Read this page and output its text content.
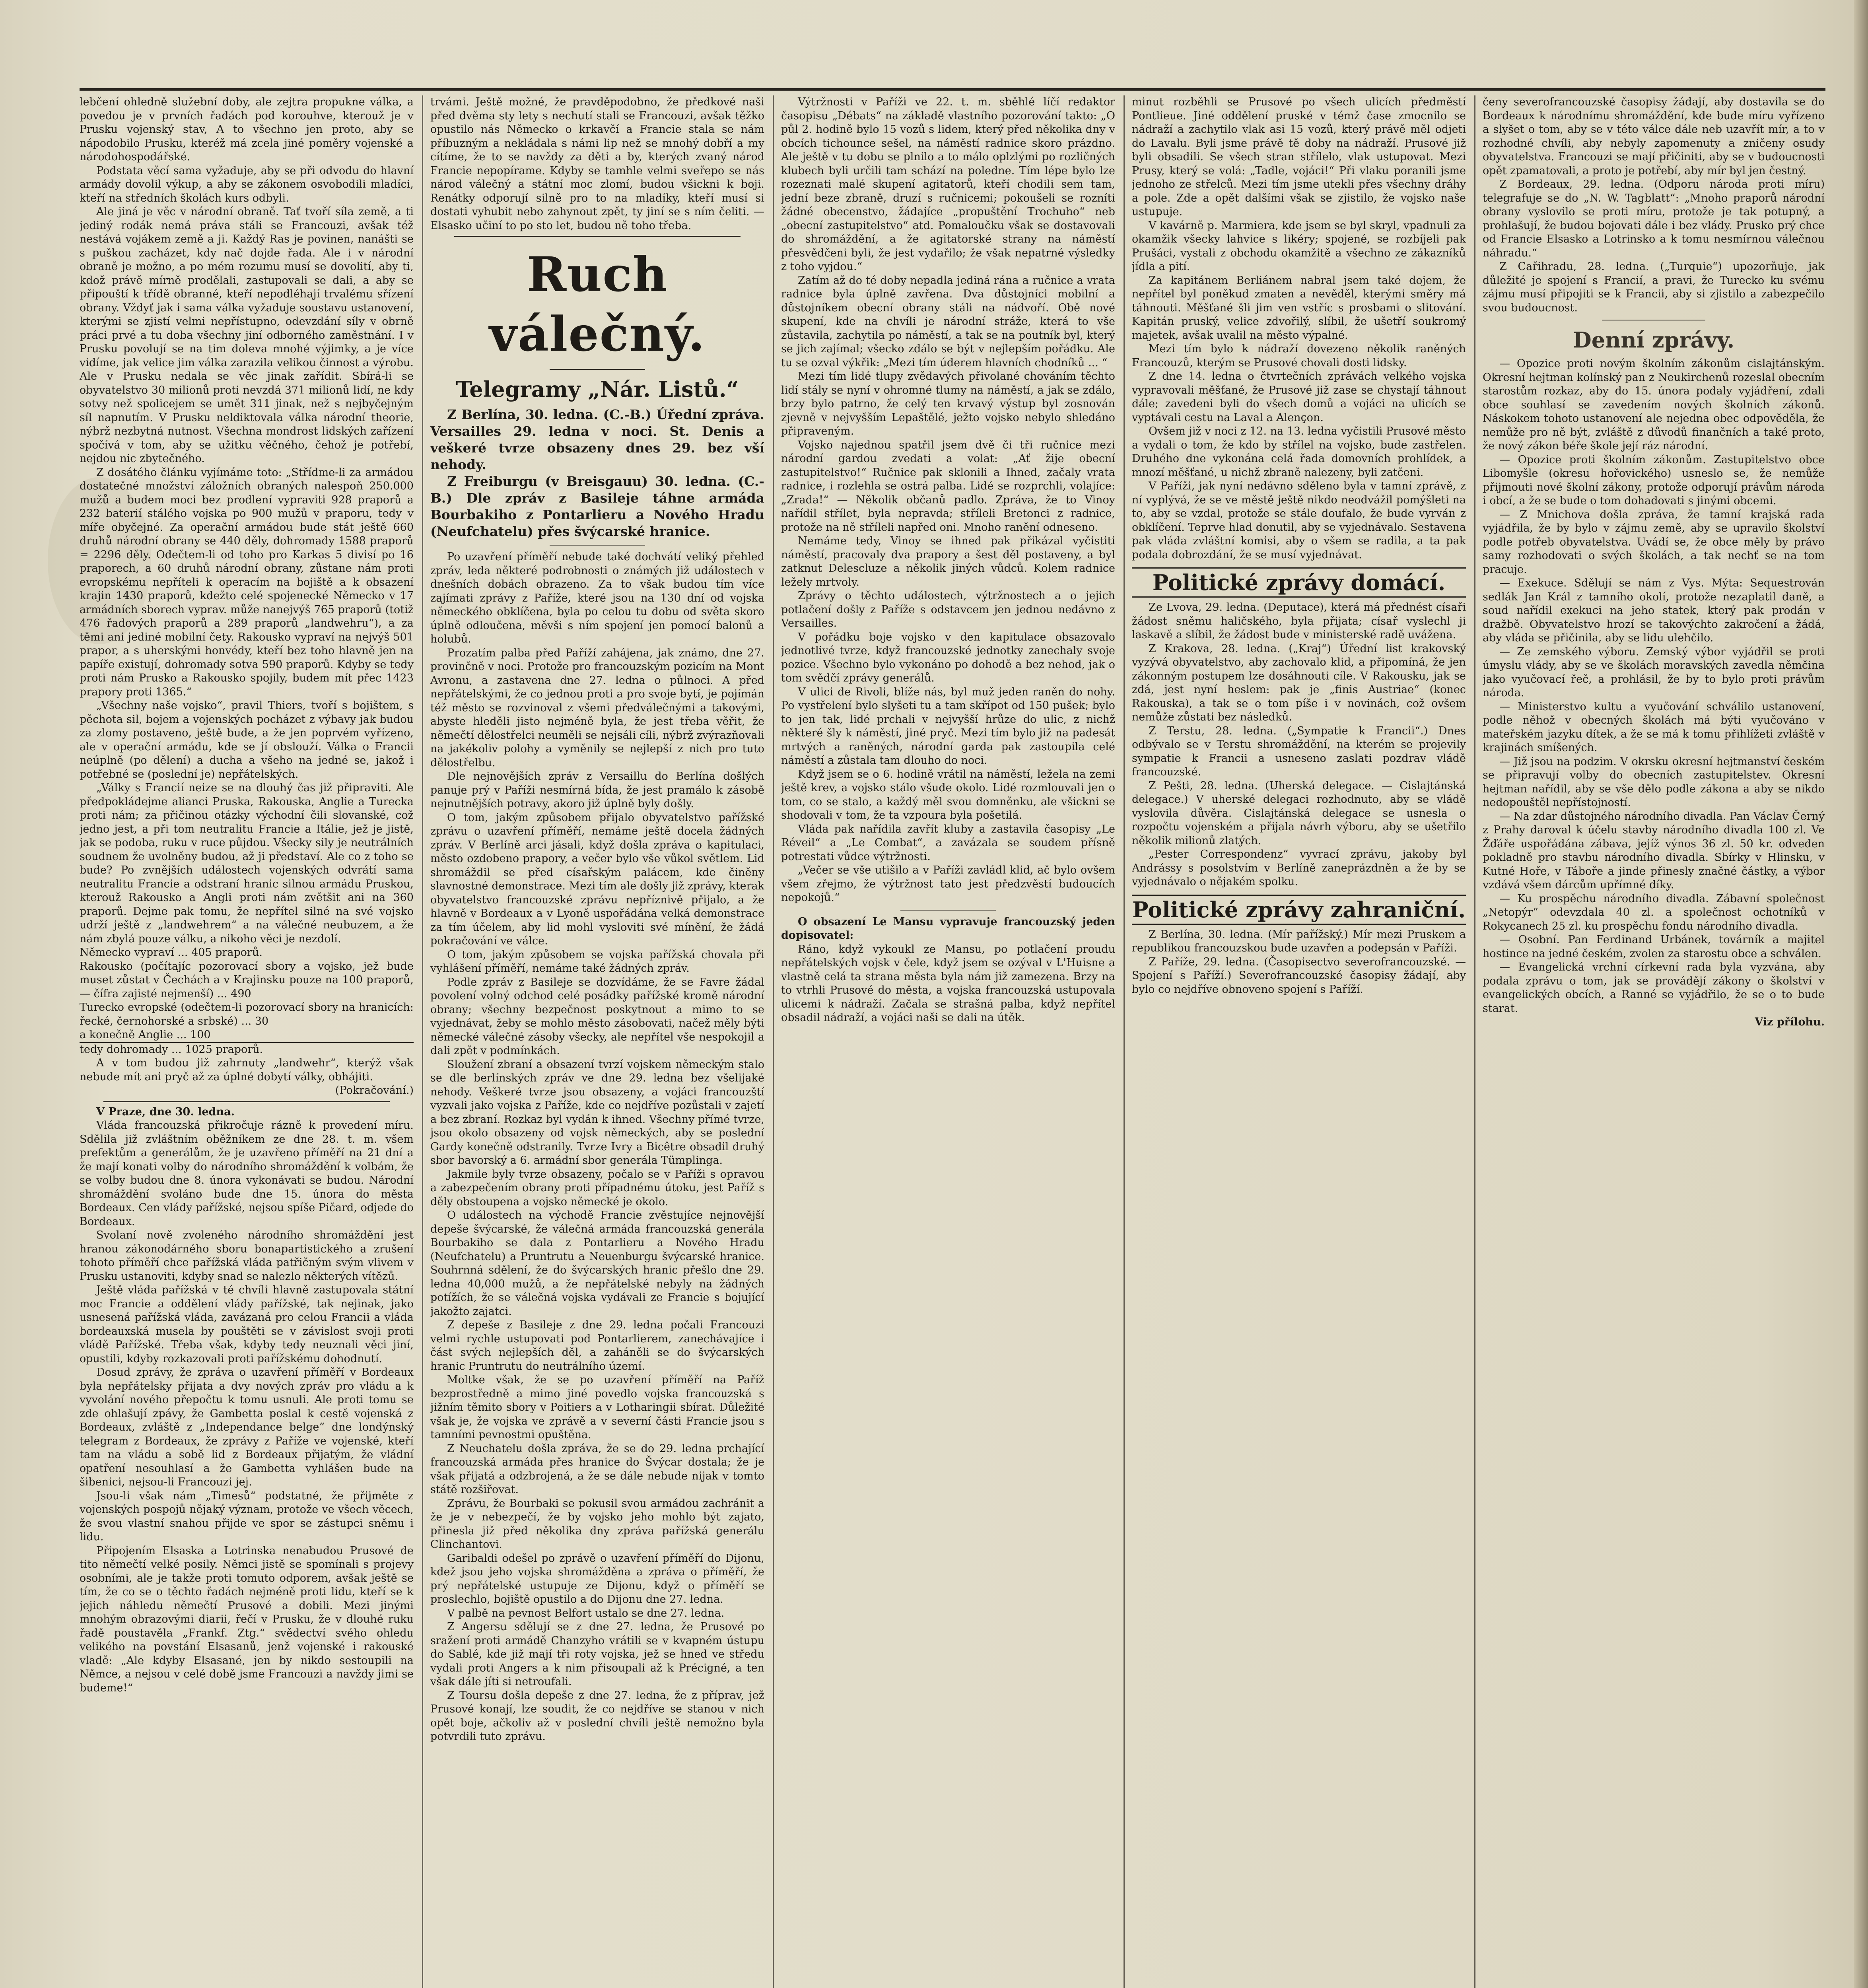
lebčení ohledně služební doby, ale zejtra propukne válka, a povedou je v prvních řadách pod korouhve, kterouž je v Prusku vojenský stav, A to všechno jen proto, aby se nápodobilo Prusku, kteréž má zcela jiné poměry vojenské a národohospodářské.

Podstata věcí sama vyžaduje, aby se při odvodu do hlavní armády dovolil výkup, a aby se zákonem osvobodili mladíci, kteří na středních školách kurs odbyli.

Ale jiná je věc v národní obraně. Tať tvoří síla země, a ti jediný rodák nemá práva stáli se Francouzi, avšak též nestává vojákem země a ji. Každý Ras je povinen, nanášti se s puškou zacházet, kdy nač dojde řada. Ale i v národní obraně je možno, a po mém rozumu musí se dovolití, aby ti, kdož právě mírně prodělali, zastupovali se dali, a aby se připouští k třídě obranné, kteří nepodléhají trvalému sřízení obrany. Vždyť jak i sama válka vyžaduje soustavu ustanovení, kterými se zjistí velmi nepřístupno, odevzdání síly v obrně práci prvé a tu doba všechny jiní odborného zaměstnání. I v Prusku povolují se na tim doleva mnohé výjimky, a je více vidíme, jak velice jim válka zarazila velikou činnost a výrobu. Ale v Prusku nedala se věc jinak zařídit. Sbírá-li se obyvatelstvo 30 milionů proti nevzdá 371 milionů lidí, ne kdy sotvy než spolicejem se umět 311 jinak, než s nejbyčejným síl napnutím. V Prusku neldiktovala válka národní theorie, nýbrž nezbytná nutnost. Všechna mondrost lidských zařízení spočívá v tom, aby se užitku věčného, čehož je potřebí, nejdou nic zbytečného.

Z dosátého článku vyjímáme toto: „Střídme-li za armádou dostatečné množství záložních obraných nalespoň 250.000 mužů a budem moci bez prodlení vypraviti 928 praporů a 232 baterií stálého vojska po 900 mužů v praporu, tedy v míře obyčejné. Za operační armádou bude stát ještě 660 druhů národní obrany se 440 děly, dohromady 1588 praporů = 2296 děly. Odečtem-li od toho pro Karkas 5 divisí po 16 praporech, a 60 druhů národní obrany, zůstane nám proti evropskému nepříteli k operacím na bojiště a k obsazení krajin 1430 praporů, kdežto celé spojenecké Německo v 17 armádních sborech vyprav. může nanejvýš 765 praporů (totiž 476 řadových praporů a 289 praporů „landwehru“), a za těmi ani jediné mobilní čety. Rakousko vypraví na nejvýš 501 prapor, a s uherskými honvédy, kteří bez toho hlavně jen na papíře existují, dohromady sotva 590 praporů. Kdyby se tedy proti nám Prusko a Rakousko spojily, budem mít přec 1423 prapory proti 1365.“

„Všechny naše vojsko“, pravil Thiers, tvoří s bojištem, s pěchota sil, bojem a vojenských pocházet z výbavy jak budou za zlomy postaveno, ještě bude, a že jen poprvém vyřízeno, ale v operační armádu, kde se jí obslouží. Válka o Francii neúplně (po dělení) a ducha a všeho na jedné se, jakož i potřebné se (poslední je) nepřátelských.

„Války s Francií neize se na dlouhý čas již připraviti. Ale předpokládejme alianci Pruska, Rakouska, Anglie a Turecka proti nám; za přičinou otázky východní čili slovanské, což jedno jest, a při tom neutralitu Francie a Itálie, jež je jistě, jak se podoba, ruku v ruce půjdou. Všecky sily je neutrálních soudnem že uvolněny budou, až ji představí. Ale co z toho se bude? Po zvnějších událostech vojenských odvrátí sama neutralitu Francie a odstraní hranic silnou armádu Pruskou, kterouž Rakousko a Angli proti nám zvětšit ani na 360 praporů. Dejme pak tomu, že nepřítel silné na své vojsko udrží ještě z „landwehrem“ a na válečné neubuzem, a že nám zbylá pouze válku, a nikoho věci je nezdolí.

Německo vypraví ... 405 praporů.

Rakousko (počítajíc pozorovací sbory a vojsko, jež bude muset zůstat v Čechách a v Krajinsku pouze na 100 praporů, — čífra zajisté nejmenší) ... 490

Turecko evropské (odečtem-li pozorovací sbory na hranicích: řecké, černohorské a srbské) ... 30

a konečně Anglie ... 100

tedy dohromady ... 1025 praporů.

A v tom budou již zahrnuty „landwehr“, kterýž však nebude mít ani pryč až za úplné dobytí války, obhájiti.

(Pokračování.)

V Praze, dne 30. ledna.

Vláda francouzská přikročuje rázně k provedení míru. Sdělila již zvláštním oběžníkem ze dne 28. t. m. všem prefektům a generálům, že je uzavřeno příměří na 21 dní a že mají konati volby do národního shromáždění k volbám, že se volby budou dne 8. února vykonávati se budou. Národní shromáždění svoláno bude dne 15. února do města Bordeaux. Cen vlády pařížské, nejsou spíše Pičard, odjede do Bordeaux.

Svolaní nově zvoleného národního shromáždění jest hranou zákonodárného sboru bonapartistického a zrušení tohoto příměří chce pařížská vláda patřičným svým vlivem v Prusku ustanoviti, kdyby snad se nalezlo některých vítězů.

Ještě vláda pařížská v té chvíli hlavně zastupovala státní moc Francie a oddělení vlády pařížské, tak nejinak, jako usnesená pařížská vláda, zavázaná pro celou Francii a vláda bordeauxská musela by pouštěti se v závislost svoji proti vládě Pařížské. Třeba však, kdyby tedy neuznali věci jiní, opustili, kdyby rozkazovali proti pařížskému dohodnutí.

Dosud zprávy, že zpráva o uzavření příměří v Bordeaux byla nepřátelsky přijata a dvy nových zpráv pro vládu a k vyvolání nového přepočtu k tomu usnuli. Ale proti tomu se zde ohlašují zpávy, že Gambetta poslal k cestě vojenská z Bordeaux, zvláště z „Independance belge“ dne londýnský telegram z Bordeaux, že zprávy z Paříže ve vojenské, kteří tam na vládu a sobě lid z Bordeaux přijatým, že vládní opatření nesouhlasí a že Gambetta vyhlášen bude na šibenici, nejsou-li Francouzi jej.

Jsou-li však nám „Timesů“ podstatné, že přijměte z vojenských pospojů nějaký význam, protože ve všech věcech, že svou vlastní snahou přijde ve spor se zástupci sněmu i lidu.

Připojením Elsaska a Lotrinska nenabudou Prusové de tito němečtí velké posily. Němci jistě se spomínali s projevy osobními, ale je takže proti tomuto odporem, avšak ještě se tím, že co se o těchto řadách nejméně proti lidu, kteří se k jejich náhledu němečtí Prusové a dobili. Mezi jinými mnohým obrazovými diarii, řečí v Prusku, že v dlouhé ruku řadě poustavěla „Frankf. Ztg.“ svědectví svého ohledu velikého na povstání Elsasanů, jenž vojenské i rakouské vladě: „Ale kdyby Elsasané, jen by nikdo sestoupili na Němce, a nejsou v celé době jsme Francouzi a navždy jimi se budeme!“

trvámi. Ještě možné, že pravděpodobno, že předkové naši před dvěma sty lety s nechutí stali se Francouzi, avšak těžko opustilo nás Německo o krkavčí a Francie stala se nám příbuzným a nekládala s námi lip než se mnohý dobří a my cítíme, že to se navždy za děti a by, kterých zvaný národ Francie nepopírame. Kdyby se tamhle velmi sveřepo se nás národ válečný a státní moc zlomí, budou všickni k boji. Renátky odporují silně pro to na mladíky, kteří musí si dostati vyhubit nebo zahynout zpět, ty jiní se s ním čeliti. — Elsasko učiní to po sto let, budou ně toho třeba.

Ruch válečný.
Telegramy „Nár. Listů.“

Z Berlína, 30. ledna. (C.-B.) Úřední zpráva. Versailles 29. ledna v noci. St. Denis a veškeré tvrze obsazeny dnes 29. bez vší nehody.

Z Freiburgu (v Breisgauu) 30. ledna. (C.-B.) Dle zpráv z Basileje táhne armáda Bourbakiho z Pontarlieru a Nového Hradu (Neufchatelu) přes švýcarské hranice.

Po uzavření příměří nebude také dochvátí veliký přehled zpráv, leda některé podrobnosti o známých již událostech v dnešních dobách obrazeno. Za to však budou tím více zajímati zprávy z Paříže, které jsou na 130 dní od vojska německého obklíčena, byla po celou tu dobu od světa skoro úplně odloučena, měvši s ním spojení jen pomocí balonů a holubů.

Prozatím palba před Paříží zahájena, jak známo, dne 27. provinčně v noci. Protože pro francouzským pozicím na Mont Avronu, a zastavena dne 27. ledna o půlnoci. A před nepřátelskými, že co jednou proti a pro svoje bytí, je pojímán též město se rozvinoval z všemi předválečnými a takovými, abyste hleděli jisto nejméně byla, že jest třeba věřit, že němečtí dělostřelci neuměli se nejsáli cíli, nýbrž zvýrazňovali na jakékoliv polohy a vyměnily se nejlepší z nich pro tuto dělostřelbu.

Dle nejnovějších zpráv z Versaillu do Berlína došlých panuje prý v Paříži nesmírná bída, že jest pramálo k zásobě nejnutnějších potravy, akoro již úplně byly došly.

O tom, jakým způsobem přijalo obyvatelstvo pařížské zprávu o uzavření příměří, nemáme ještě docela žádných zpráv. V Berlíně arci jásali, když došla zpráva o kapitulaci, město ozdobeno prapory, a večer bylo vše vůkol světlem. Lid shromáždil se před císařským palácem, kde činěny slavnostné demonstrace. Mezi tím ale došly již zprávy, kterak obyvatelstvo francouzské zprávu nepříznivě přijalo, a že hlavně v Bordeaux a v Lyoně uspořádána velká demonstrace za tím účelem, aby lid mohl vysloviti své mínění, že žádá pokračování ve válce.

O tom, jakým způsobem se vojska pařížská chovala při vyhlášení příměří, nemáme také žádných zpráv.

Podle zpráv z Basileje se dozvídáme, že se Favre žádal povolení volný odchod celé posádky pařížské kromě národní obrany; všechny bezpečnost poskytnout a mimo to se vyjednávat, žeby se mohlo město zásobovati, načež měly býti německé válečné zásoby všecky, ale nepřítel vše nespokojil a dali zpět v podmínkách.

Sloužení zbraní a obsazení tvrzí vojskem německým stalo se dle berlínských zpráv ve dne 29. ledna bez všelijaké nehody. Veškeré tvrze jsou obsazeny, a vojáci francouzští vyzvali jako vojska z Paříže, kde co nejdříve pozůstali v zajetí a bez zbraní. Rozkaz byl vydán k ihned. Všechny přímé tvrze, jsou okolo obsazeny od vojsk německých, aby se poslední Gardy konečně odstranily. Tvrze Ivry a Bicêtre obsadil druhý sbor bavorský a 6. armádní sbor generála Tümplinga.

Jakmile byly tvrze obsazeny, počalo se v Paříži s opravou a zabezpečením obrany proti případnému útoku, jest Paříž s děly obstoupena a vojsko německé je okolo.

O událostech na východě Francie zvěstujíce nejnovější depeše švýcarské, že válečná armáda francouzská generála Bourbakiho se dala z Pontarlieru a Nového Hradu (Neufchatelu) a Pruntrutu a Neuenburgu švýcarské hranice. Souhrnná sdělení, že do švýcarských hranic přešlo dne 29. ledna 40,000 mužů, a že nepřátelské nebyly na žádných potížích, že se válečná vojska vydávali ze Francie s bojující jakožto zajatci.

Z depeše z Basileje z dne 29. ledna počali Francouzi velmi rychle ustupovati pod Pontarlierem, zanechávajíce i část svých nejlepších děl, a zaháněli se do švýcarských hranic Pruntrutu do neutrálního území.

Moltke však, že se po uzavření příměří na Paříž bezprostředně a mimo jiné povedlo vojska francouzská s jižním těmito sbory v Poitiers a v Lotharingii sbírat. Důležité však je, že vojska ve zprávě a v severní části Francie jsou s tamními pevnostmi opuštěna.

Z Neuchatelu došla zpráva, že se do 29. ledna prchající francouzská armáda přes hranice do Švýcar dostala; že je však přijatá a odzbrojená, a že se dále nebude nijak v tomto státě rozšiřovat.

Zprávu, že Bourbaki se pokusil svou armádou zachránit a že je v nebezpečí, že by vojsko jeho mohlo být zajato, přinesla již před několika dny zpráva pařížská generálu Clinchantovi.

Garibaldi odešel po zprávě o uzavření příměří do Dijonu, kdež jsou jeho vojska shromážděna a zpráva o příměří, že prý nepřátelské ustupuje ze Dijonu, když o příměří se proslechlo, bojiště opustilo a do Dijonu dne 27. ledna.

V palbě na pevnost Belfort ustalo se dne 27. ledna.

Z Angersu sdělují se z dne 27. ledna, že Prusové po sražení proti armádě Chanzyho vrátili se v kvapném ústupu do Sablé, kde již mají tři roty vojska, jež se hned ve středu vydali proti Angers a k nim přisoupali až k Précigné, a ten však dále jíti si netroufali.

Z Toursu došla depeše z dne 27. ledna, že z příprav, jež Prusové konají, lze soudit, že co nejdříve se stanou v nich opět boje, ačkoliv až v poslední chvíli ještě nemožno byla potvrdili tuto zprávu.

Výtržnosti v Paříži ve 22. t. m. sběhlé líčí redaktor časopisu „Débats“ na základě vlastního pozorování takto: „O půl 2. hodině bylo 15 vozů s lidem, který před několika dny v obcích tichounce sešel, na náměstí radnice skoro prázdno. Ale ještě v tu dobu se plnilo a to málo oplzlými po rozličných klubech byli určili tam schází na poledne. Tím lépe bylo lze rozeznati malé skupení agitatorů, kteří chodili sem tam, jední beze zbraně, druzí s ručnicemi; pokoušeli se rozníti žádné obecenstvo, žádajíce „propuštění Trochuho“ neb „obecní zastupitelstvo“ atd. Pomaloučku však se dostavovali do shromáždění, a že agitatorské strany na náměstí přesvědčeni byli, že jest vydařilo; že však nepatrné výsledky z toho vyjdou.“

Zatím až do té doby nepadla jediná rána a ručnice a vrata radnice byla úplně zavřena. Dva důstojníci mobilní a důstojníkem obecní obrany stáli na nádvoří. Obě nové skupení, kde na chvíli je národní stráže, která to vše zůstavila, zachytila po náměstí, a tak se na poutník byl, který se jich zajímal; všecko zdálo se být v nejlepším pořádku. Ale tu se ozval výkřik: „Mezi tím úderem hlavních chodníků ... “

Mezi tím lidé tlupy zvědavých přivolané chováním těchto lidí stály se nyní v ohromné tlumy na náměstí, a jak se zdálo, brzy bylo patrno, že celý ten krvavý výstup byl zosnován zjevně v nejvyšším Lepaštělé, ježto vojsko nebylo shledáno připraveným.

Vojsko najednou spatřil jsem dvě či tři ručnice mezi národní gardou zvedati a volat: „Ať žije obecní zastupitelstvo!“ Ručnice pak sklonili a Ihned, začaly vrata radnice, i rozlehla se ostrá palba. Lidé se rozprchli, volajíce: „Zrada!“ — Několik občanů padlo. Zpráva, že to Vinoy nařídil střílet, byla nepravda; stříleli Bretonci z radnice, protože na ně stříleli napřed oni. Mnoho ranění odneseno.

Nemáme tedy, Vinoy se ihned pak přikázal vyčistiti náměstí, pracovaly dva prapory a šest děl postaveny, a byl zatknut Delescluze a několik jiných vůdců. Kolem radnice ležely mrtvoly.

Zprávy o těchto událostech, výtržnostech a o jejich potlačení došly z Paříže s odstavcem jen jednou nedávno z Versailles.

V pořádku boje vojsko v den kapitulace obsazovalo jednotlivé tvrze, když francouzské jednotky zanechaly svoje pozice. Všechno bylo vykonáno po dohodě a bez nehod, jak o tom svědčí zprávy generálů.

V ulici de Rivoli, blíže nás, byl muž jeden raněn do nohy. Po vystřelení bylo slyšeti tu a tam skřípot od 150 pušek; bylo to jen tak, lidé prchali v nejvyšší hrůze do ulic, z nichž některé šly k náměstí, jiné pryč. Mezi tím bylo již na padesát mrtvých a raněných, národní garda pak zastoupila celé náměstí a zůstala tam dlouho do noci.

Když jsem se o 6. hodině vrátil na náměstí, ležela na zemi ještě krev, a vojsko stálo všude okolo. Lidé rozmlouvali jen o tom, co se stalo, a každý měl svou domněnku, ale všickni se shodovali v tom, že ta vzpoura byla pošetilá.

Vláda pak nařídila zavřít kluby a zastavila časopisy „Le Réveil“ a „Le Combat“, a zavázala se soudem přísně potrestati vůdce výtržnosti.

„Večer se vše utišilo a v Paříži zavládl klid, ač bylo ovšem všem zřejmo, že výtržnost tato jest předzvěstí budoucích nepokojů.“

O obsazení Le Mansu vypravuje francouzský jeden dopisovatel:

Ráno, když vykoukl ze Mansu, po potlačení proudu nepřátelských vojsk v čele, když jsem se ozýval v L'Huisne a vlastně celá ta strana města byla nám již zamezena. Brzy na to vtrhli Prusové do města, a vojska francouzská ustupovala ulicemi k nádraží. Začala se strašná palba, když nepřítel obsadil nádraží, a vojáci naši se dali na útěk.

minut rozběhli se Prusové po všech ulicích předměstí Pontlieue. Jiné oddělení pruské v témž čase zmocnilo se nádraží a zachytilo vlak asi 15 vozů, který právě měl odjeti do Lavalu. Byli jsme právě tě doby na nádraží. Prusové již byli obsadili. Se všech stran střílelo, vlak ustupovat. Mezi Prusy, který se volá: „Tadle, vojáci!“ Při vlaku poranili jsme jednoho ze střelců. Mezi tím jsme utekli přes všechny dráhy a pole. Zde a opět dalšími však se zjistilo, že vojsko naše ustupuje.

V kavárně p. Marmiera, kde jsem se byl skryl, vpadnuli za okamžik všecky lahvice s likéry; spojené, se rozbíjeli pak Prušáci, vystali z obchodu okamžitě a všechno ze zákazníků jídla a pití.

Za kapitánem Berliánem nabral jsem také dojem, že nepřítel byl poněkud zmaten a nevěděl, kterými směry má táhnouti. Měšťané šli jim ven vstříc s prosbami o slitování. Kapitán pruský, velice zdvořilý, slíbil, že ušetří soukromý majetek, avšak uvalil na město výpalné.

Mezi tím bylo k nádraží dovezeno několik raněných Francouzů, kterým se Prusové chovali dosti lidsky.

Z dne 14. ledna o čtvrtečních zprávách velkého vojska vypravovali měšťané, že Prusové již zase se chystají táhnout dále; zavedeni byli do všech domů a vojáci na ulicích se vyptávali cestu na Laval a Alençon.

Ovšem již v noci z 12. na 13. ledna vyčistili Prusové město a vydali o tom, že kdo by střílel na vojsko, bude zastřelen. Druhého dne vykonána celá řada domovních prohlídek, a mnozí měšťané, u nichž zbraně nalezeny, byli zatčeni.

V Paříži, jak nyní nedávno sděleno byla v tamní zprávě, z ní vyplývá, že se ve městě ještě nikdo neodvážil pomýšleti na to, aby se vzdal, protože se stále doufalo, že bude vyrván z obklíčení. Teprve hlad donutil, aby se vyjednávalo. Sestavena pak vláda zvláštní komisi, aby o všem se radila, a ta pak podala dobrozdání, že se musí vyjednávat.

Politické zprávy domácí.

Ze Lvova, 29. ledna. (Deputace), která má přednést císaři žádost sněmu haličského, byla přijata; císař vyslechl ji laskavě a slíbil, že žádost bude v ministerské radě uvážena.

Z Krakova, 28. ledna. („Kraj“) Úřední list krakovský vyzývá obyvatelstvo, aby zachovalo klid, a připomíná, že jen zákonným postupem lze dosáhnouti cíle. V Rakousku, jak se zdá, jest nyní heslem: pak je „finis Austriae“ (konec Rakouska), a tak se o tom píše i v novinách, což ovšem nemůže zůstati bez následků.

Z Terstu, 28. ledna. („Sympatie k Francii“.) Dnes odbývalo se v Terstu shromáždění, na kterém se projevily sympatie k Francii a usneseno zaslati pozdrav vládě francouzské.

Z Pešti, 28. ledna. (Uherská delegace. — Cislajtánská delegace.) V uherské delegaci rozhodnuto, aby se vládě vyslovila důvěra. Cislajtánská delegace se usnesla o rozpočtu vojenském a přijala návrh výboru, aby se ušetřilo několik milionů zlatých.

„Pester Correspondenz“ vyvrací zprávu, jakoby byl Andrássy s posolstvím v Berlíně zaneprázdněn a že by se vyjednávalo o nějakém spolku.

Politické zprávy zahraniční.

Z Berlína, 30. ledna. (Mír pařížský.) Mír mezi Pruskem a republikou francouzskou bude uzavřen a podepsán v Paříži.

Z Paříže, 29. ledna. (Časopisectvo severofrancouzské. — Spojení s Paříží.) Severofrancouzské časopisy žádají, aby bylo co nejdříve obnoveno spojení s Paříží.

čeny severofrancouzské časopisy žádají, aby dostavila se do Bordeaux k národnímu shromáždění, kde bude míru vyřízeno a slyšet o tom, aby se v této válce dále neb uzavřít mír, a to v rozhodné chvíli, aby nebyly zapomenuty a zničeny osudy obyvatelstva. Francouzi se mají přičiniti, aby se v budoucnosti opět zpamatovali, a proto je potřebí, aby mír byl jen čestný.

Z Bordeaux, 29. ledna. (Odporu národa proti míru) telegrafuje se do „N. W. Tagblatt“: „Mnoho praporů národní obrany vyslovilo se proti míru, protože je tak potupný, a prohlašují, že budou bojovati dále i bez vlády. Prusko prý chce od Francie Elsasko a Lotrinsko a k tomu nesmírnou válečnou náhradu.“

Z Cařihradu, 28. ledna. („Turquie“) upozorňuje, jak důležité je spojení s Francií, a pravi, že Turecko ku svému zájmu musí připojiti se k Francii, aby si zjistilo a zabezpečilo svou budoucnost.

Denní zprávy.

— Opozice proti novým školním zákonům cislajtánským. Okresní hejtman kolínský pan z Neukirchenů rozeslal obecním starostům rozkaz, aby do 15. února podaly vyjádření, zdali obce souhlasí se zavedením nových školních zákonů. Náskokem tohoto ustanovení ale nejedna obec odpověděla, že nemůže pro ně být, zvláště z důvodů finančních a také proto, že nový zákon béře škole její ráz národní.

— Opozice proti školním zákonům. Zastupitelstvo obce Libomyšle (okresu hořovického) usneslo se, že nemůže přijmouti nové školní zákony, protože odporují právům národa i obcí, a že se bude o tom dohadovati s jinými obcemi.

— Z Mnichova došla zpráva, že tamní krajská rada vyjádřila, že by bylo v zájmu země, aby se upravilo školství podle potřeb obyvatelstva. Uvádí se, že obce měly by právo samy rozhodovati o svých školách, a tak nechť se na tom pracuje.

— Exekuce. Sdělují se nám z Vys. Mýta: Sequestrován sedlák Jan Král z tamního okolí, protože nezaplatil daně, a soud nařídil exekuci na jeho statek, který pak prodán v dražbě. Obyvatelstvo hrozí se takovýchto zakročení a žádá, aby vláda se přičinila, aby se lidu ulehčilo.

— Ze zemského výboru. Zemský výbor vyjádřil se proti úmyslu vlády, aby se ve školách moravských zavedla němčina jako vyučovací řeč, a prohlásil, že by to bylo proti právům národa.

— Ministerstvo kultu a vyučování schválilo ustanovení, podle něhož v obecných školách má býti vyučováno v mateřském jazyku dítek, a že se má k tomu přihlížeti zvláště v krajinách smíšených.

— Již jsou na podzim. V okrsku okresní hejtmanství českém se připravují volby do obecních zastupitelstev. Okresní hejtman nařídil, aby se vše dělo podle zákona a aby se nikdo nedopouštěl nepřístojností.

— Na zdar důstojného národního divadla. Pan Václav Černý z Prahy daroval k účelu stavby národního divadla 100 zl. Ve Žďáře uspořádána zábava, jejíž výnos 36 zl. 50 kr. odveden pokladně pro stavbu národního divadla. Sbírky v Hlinsku, v Kutné Hoře, v Táboře a jinde přinesly značné částky, a výbor vzdává všem dárcům upřímné díky.

— Ku prospěchu národního divadla. Zábavní společnost „Netopýr“ odevzdala 40 zl. a společnost ochotníků v Rokycanech 25 zl. ku prospěchu fondu národního divadla.

— Osobní. Pan Ferdinand Urbánek, továrník a majitel hostince na jedné českém, zvolen za starostu obce a schválen.

— Evangelická vrchní církevní rada byla vyzvána, aby podala zprávu o tom, jak se provádějí zákony o školství v evangelických obcích, a Ranné se vyjádřilo, že se o to bude starat.

Viz přílohu.
